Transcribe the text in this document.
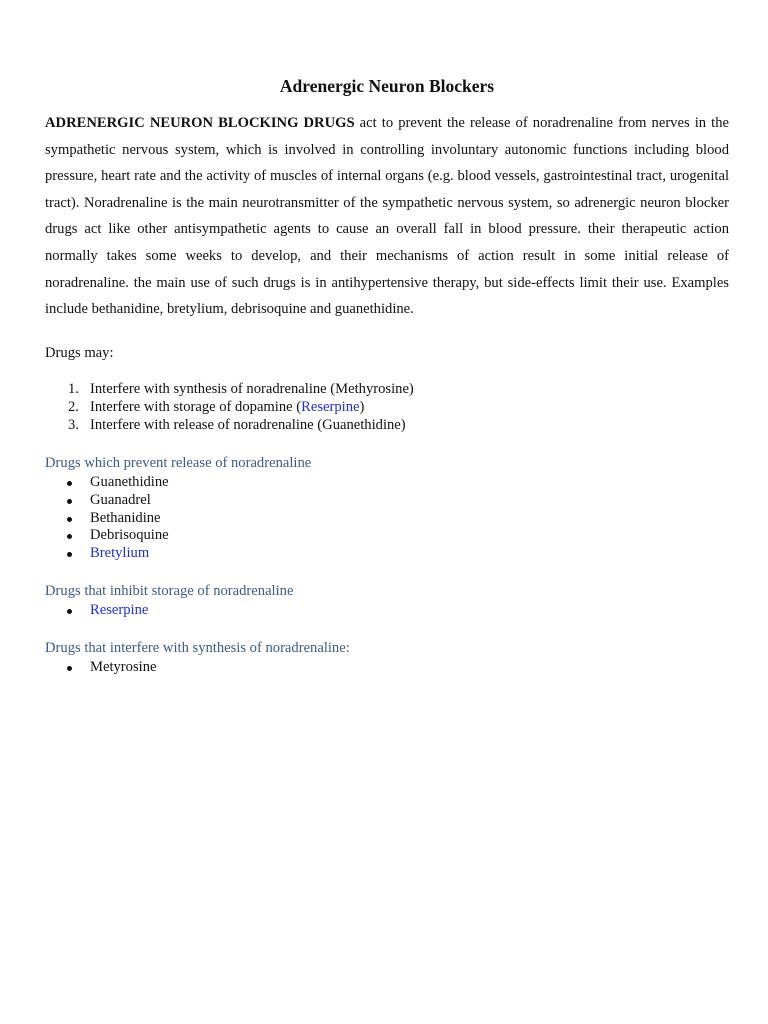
Adrenergic Neuron Blockers

ADRENERGIC NEURON BLOCKING DRUGS act to prevent the release of noradrenaline from nerves in the sympathetic nervous system, which is involved in controlling involuntary autonomic functions including blood pressure, heart rate and the activity of muscles of internal organs (e.g. blood vessels, gastrointestinal tract, urogenital tract). Noradrenaline is the main neurotransmitter of the sympathetic nervous system, so adrenergic neuron blocker drugs act like other antisympathetic agents to cause an overall fall in blood pressure. their therapeutic action normally takes some weeks to develop, and their mechanisms of action result in some initial release of noradrenaline. the main use of such drugs is in antihypertensive therapy, but side-effects limit their use. Examples include bethanidine, bretylium, debrisoquine and guanethidine.

Drugs may:

1. Interfere with synthesis of noradrenaline (Methyrosine)
2. Interfere with storage of dopamine (Reserpine)
3. Interfere with release of noradrenaline (Guanethidine)
Drugs which prevent release of noradrenaline
Guanethidine
Guanadrel
Bethanidine
Debrisoquine
Bretylium
Drugs that inhibit storage of noradrenaline
Reserpine
Drugs that interfere with synthesis of noradrenaline:
Metyrosine
